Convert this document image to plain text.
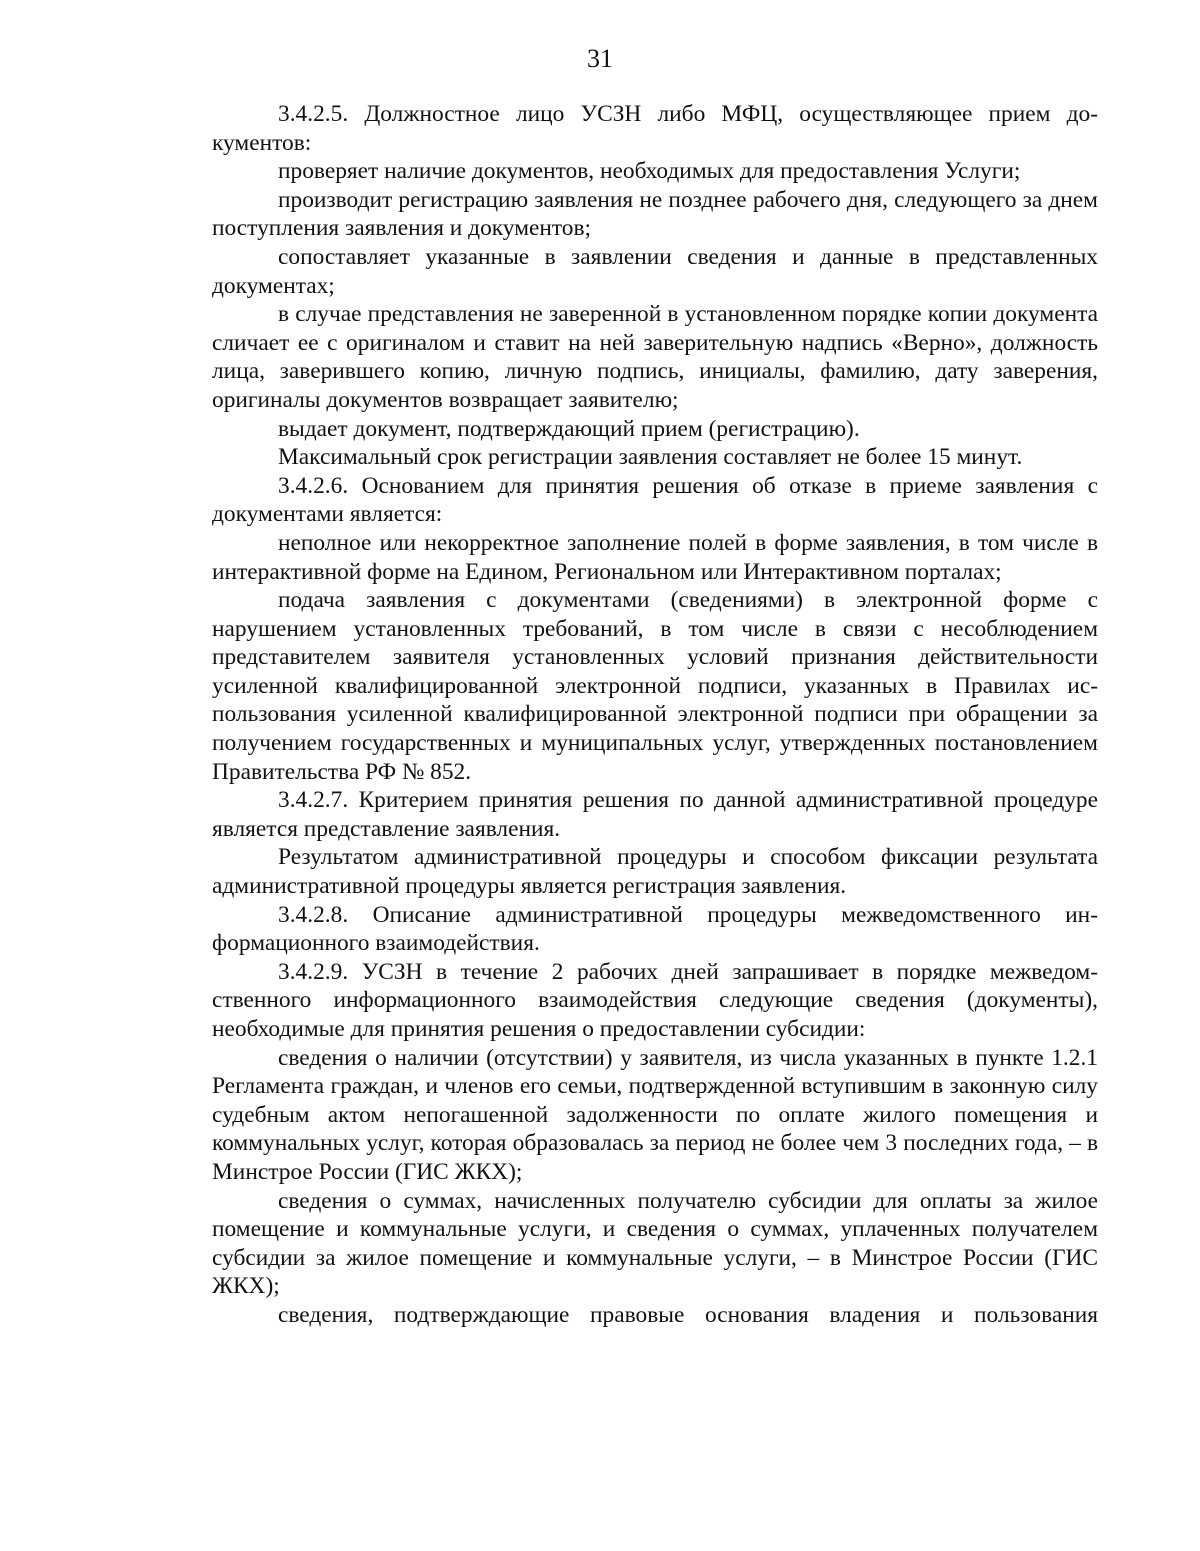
31

3.4.2.5. Должностное лицо УСЗН либо МФЦ, осуществляющее прием документов:

проверяет наличие документов, необходимых для предоставления Услуги;

производит регистрацию заявления не позднее рабочего дня, следующего за днем поступления заявления и документов;

сопоставляет указанные в заявлении сведения и данные в представленных документах;

в случае представления не заверенной в установленном порядке копии документа сличает ее с оригиналом и ставит на ней заверительную надпись «Верно», должность лица, заверившего копию, личную подпись, инициалы, фамилию, дату заверения, оригиналы документов возвращает заявителю;

выдает документ, подтверждающий прием (регистрацию).

Максимальный срок регистрации заявления составляет не более 15 минут.

3.4.2.6. Основанием для принятия решения об отказе в приеме заявления с документами является:

неполное или некорректное заполнение полей в форме заявления, в том числе в интерактивной форме на Едином, Региональном или Интерактивном порталах;

подача заявления с документами (сведениями) в электронной форме с нарушением установленных требований, в том числе в связи с несоблюдением представителем заявителя установленных условий признания действительности усиленной квалифицированной электронной подписи, указанных в Правилах использования усиленной квалифицированной электронной подписи при обращении за получением государственных и муниципальных услуг, утвержденных постановлением Правительства РФ № 852.

3.4.2.7. Критерием принятия решения по данной административной процедуре является представление заявления.

Результатом административной процедуры и способом фиксации результата административной процедуры является регистрация заявления.

3.4.2.8. Описание административной процедуры межведомственного информационного взаимодействия.

3.4.2.9. УСЗН в течение 2 рабочих дней запрашивает в порядке межведомственного информационного взаимодействия следующие сведения (документы), необходимые для принятия решения о предоставлении субсидии:

сведения о наличии (отсутствии) у заявителя, из числа указанных в пункте 1.2.1 Регламента граждан, и членов его семьи, подтвержденной вступившим в законную силу судебным актом непогашенной задолженности по оплате жилого помещения и коммунальных услуг, которая образовалась за период не более чем 3 последних года, – в Минстрое России (ГИС ЖКХ);

сведения о суммах, начисленных получателю субсидии для оплаты за жилое помещение и коммунальные услуги, и сведения о суммах, уплаченных получателем субсидии за жилое помещение и коммунальные услуги, – в Минстрое России (ГИС ЖКХ);

сведения, подтверждающие правовые основания владения и пользования
